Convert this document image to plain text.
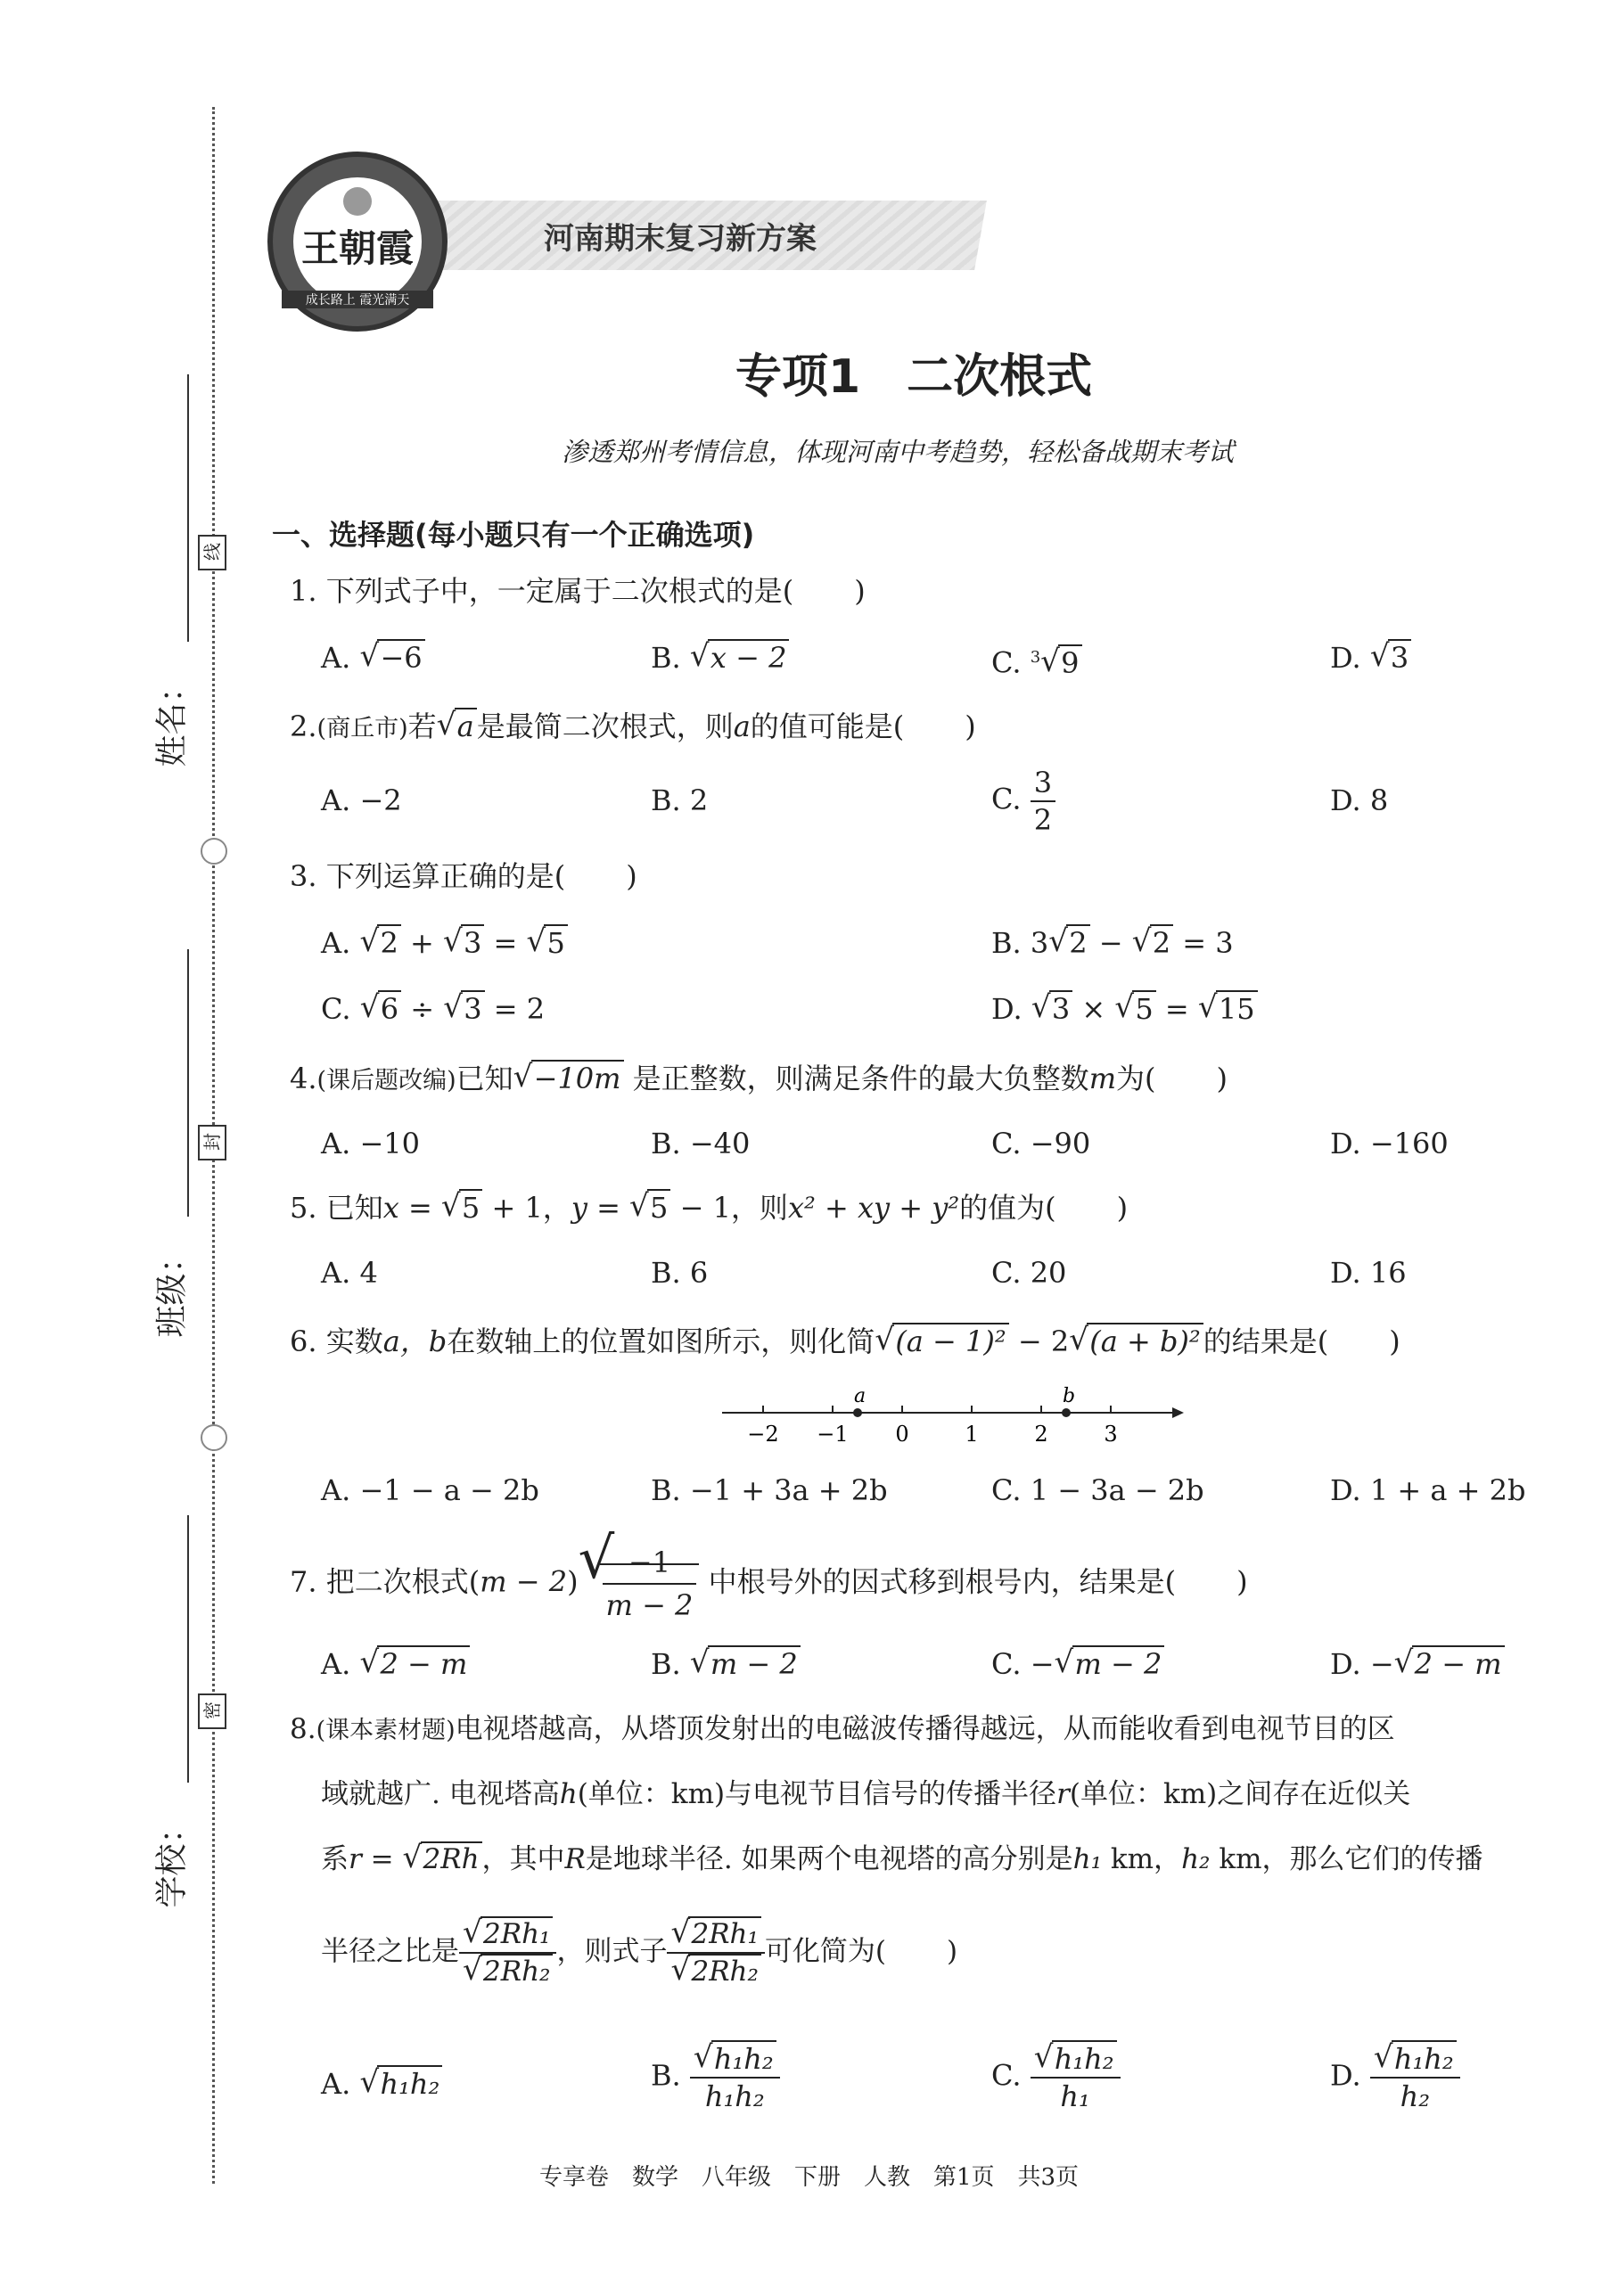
姓名：
班级：
学校：
线
封
密
河南期末复习新方案
★ ★ ★ ★ ★
王朝霞
成长路上 霞光满天
专项1　二次根式
渗透郑州考情信息，体现河南中考趋势，轻松备战期末考试
一、选择题(每小题只有一个正确选项)
1. 下列式子中，一定属于二次根式的是( )
A. √ −6	B. √ x − 2	C. $^3$ √ 9	D. √ 3
2.(商丘市)若 √ a是最简二次根式，则a的值可能是( )
A. −2	B. 2	C. $\frac{3}{2}$	D. 8
3. 下列运算正确的是( )
A. √ 2 + √ 3 = √ 5	B. 3 √ 2 − √ 2 = 3
C. √ 6 ÷ √ 3 = 2	D. √ 3 × √ 5 = √ 15
4.(课后题改编)已知 √ −10m 是正整数，则满足条件的最大负整数m为( )
A. −10	B. −40	C. −90	D. −160
5. 已知x = √ 5 + 1，y = √ 5 − 1，则x² + xy + y²的值为( )
A. 4	B. 6	C. 20	D. 16
6. 实数a，b在数轴上的位置如图所示，则化简 √ (a − 1)² − 2 √ (a + b)²的结果是( )
−2 −1 0	1	2	3
a	b
A. −1 − a − 2b	B. −1 + 3a + 2b	C. 1 − 3a − 2b	D. 1 + a + 2b
7. 把二次根式(m − 2) √
$\frac{-1}{m - 2}$ 中根号外的因式移到根号内，结果是( )
A. √ 2 − m	B. √ m − 2	C. − √ m − 2	D. − √ 2 − m
8.(课本素材题)电视塔越高，从塔顶发射出的电磁波传播得越远，从而能收看到电视节目的区
域就越广. 电视塔高h(单位：km)与电视节目信号的传播半径r(单位：km)之间存在近似关
系r = √ 2Rh，其中R是地球半径. 如果两个电视塔的高分别是h₁ km，h₂ km，那么它们的传播
半径之比是 $\frac{\text{√ 2Rh₁}}{\text{√ 2Rh₂}}$ ，则式子 $\frac{\text{√ 2Rh₁}}{\text{√ 2Rh₂}}$ 可化简为( )
A. √ h₁h₂	B. $\frac{\text{√ h₁h₂}}{\text{h₁h₂}}$	C. $\frac{\text{√ h₁h₂}}{\text{h₁}}$	D. $\frac{\text{√ h₁h₂}}{\text{h₂}}$
专享卷　数学　八年级　下册　人教　第1页　共3页
